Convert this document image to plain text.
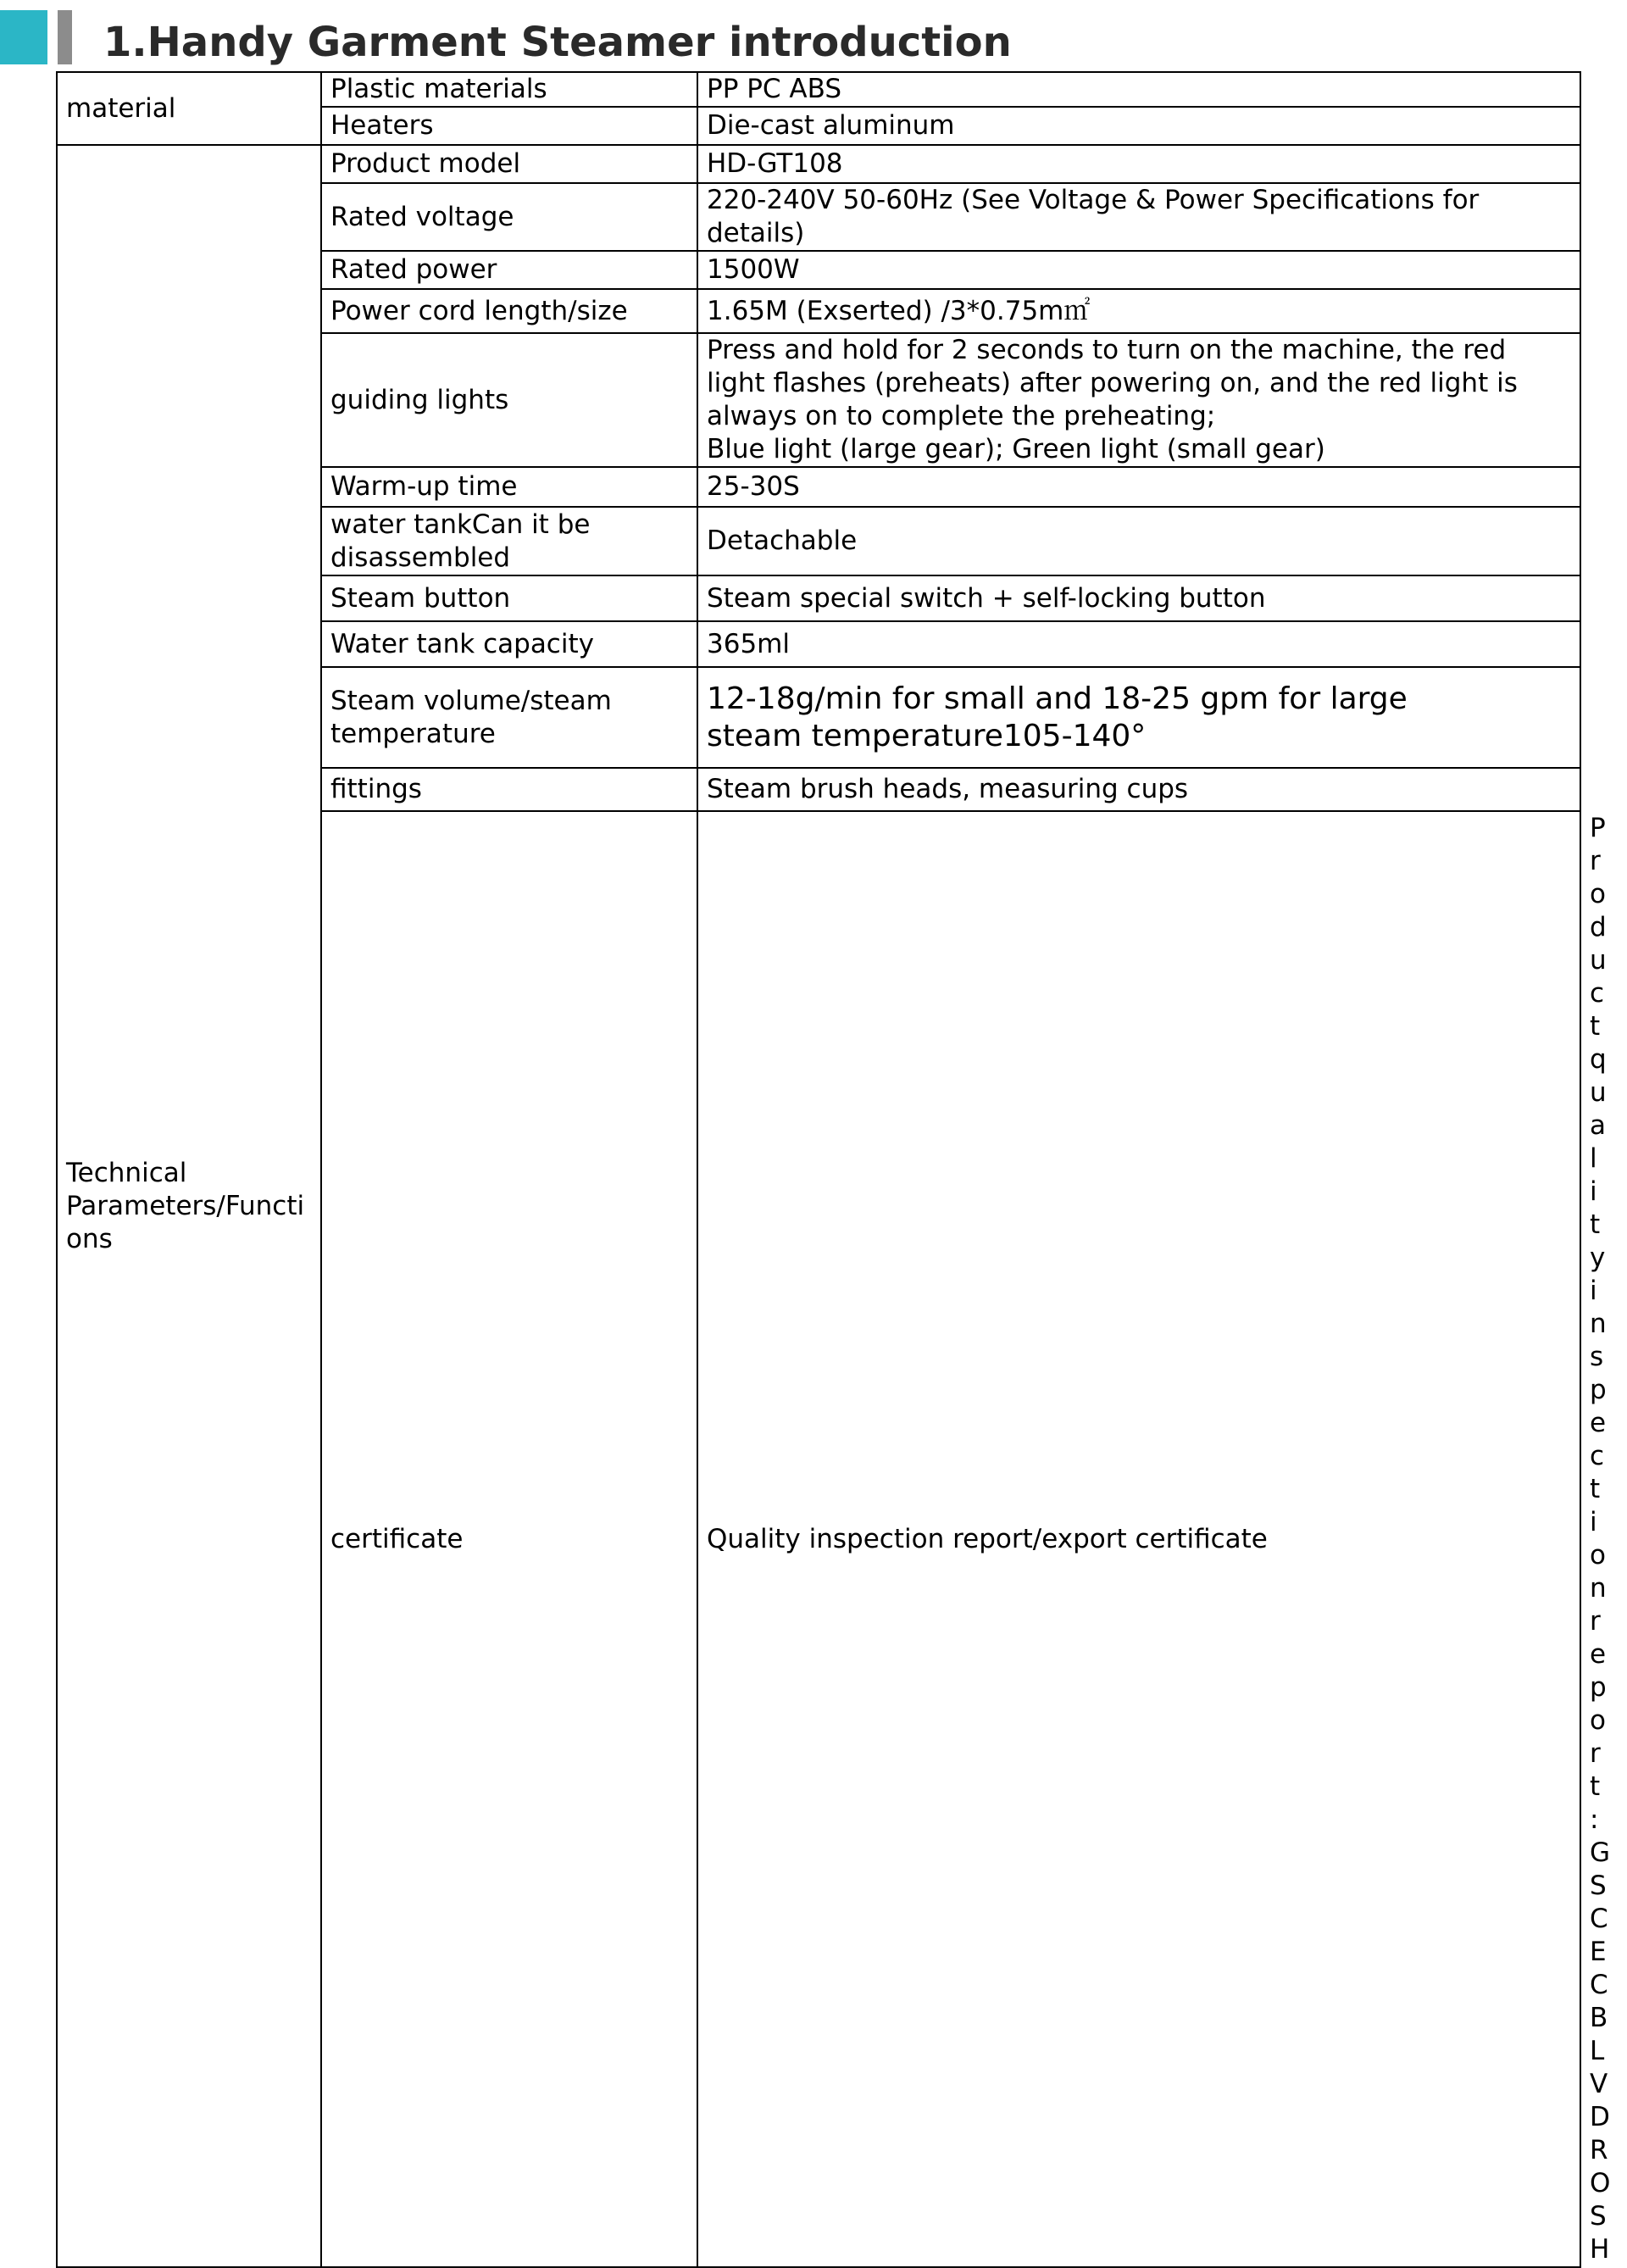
1.Handy Garment Steamer introduction
material	Plastic materials	PP PC ABS	
	Heaters	Die-cast aluminum	
Technical
Parameters/Functi
ons	Product model	HD-GT108	
	Rated voltage	220-240V 50-60Hz (See Voltage & Power Specifications for details)	
	Rated power	1500W	
	Power cord length/size	1.65M (Exserted) /3*0.75m㎡	
	guiding lights	Press and hold for 2 seconds to turn on the machine, the red light flashes (preheats) after powering on, and the red light is always on to complete the preheating;
Blue light (large gear); Green light (small gear)	
	Warm-up time	25-30S	
	water tankCan it be disassembled	Detachable	
	Steam button	Steam special switch + self-locking button	
	Water tank capacity	365ml	
	Steam volume/steam temperature	12-18g/min for small and 18-25 gpm for large
steam temperature105-140°	
	fittings	Steam brush heads, measuring cups	
	certificate	Quality inspection report/export certificate	Product quality inspection report: GS CE CB LVD ROSH
